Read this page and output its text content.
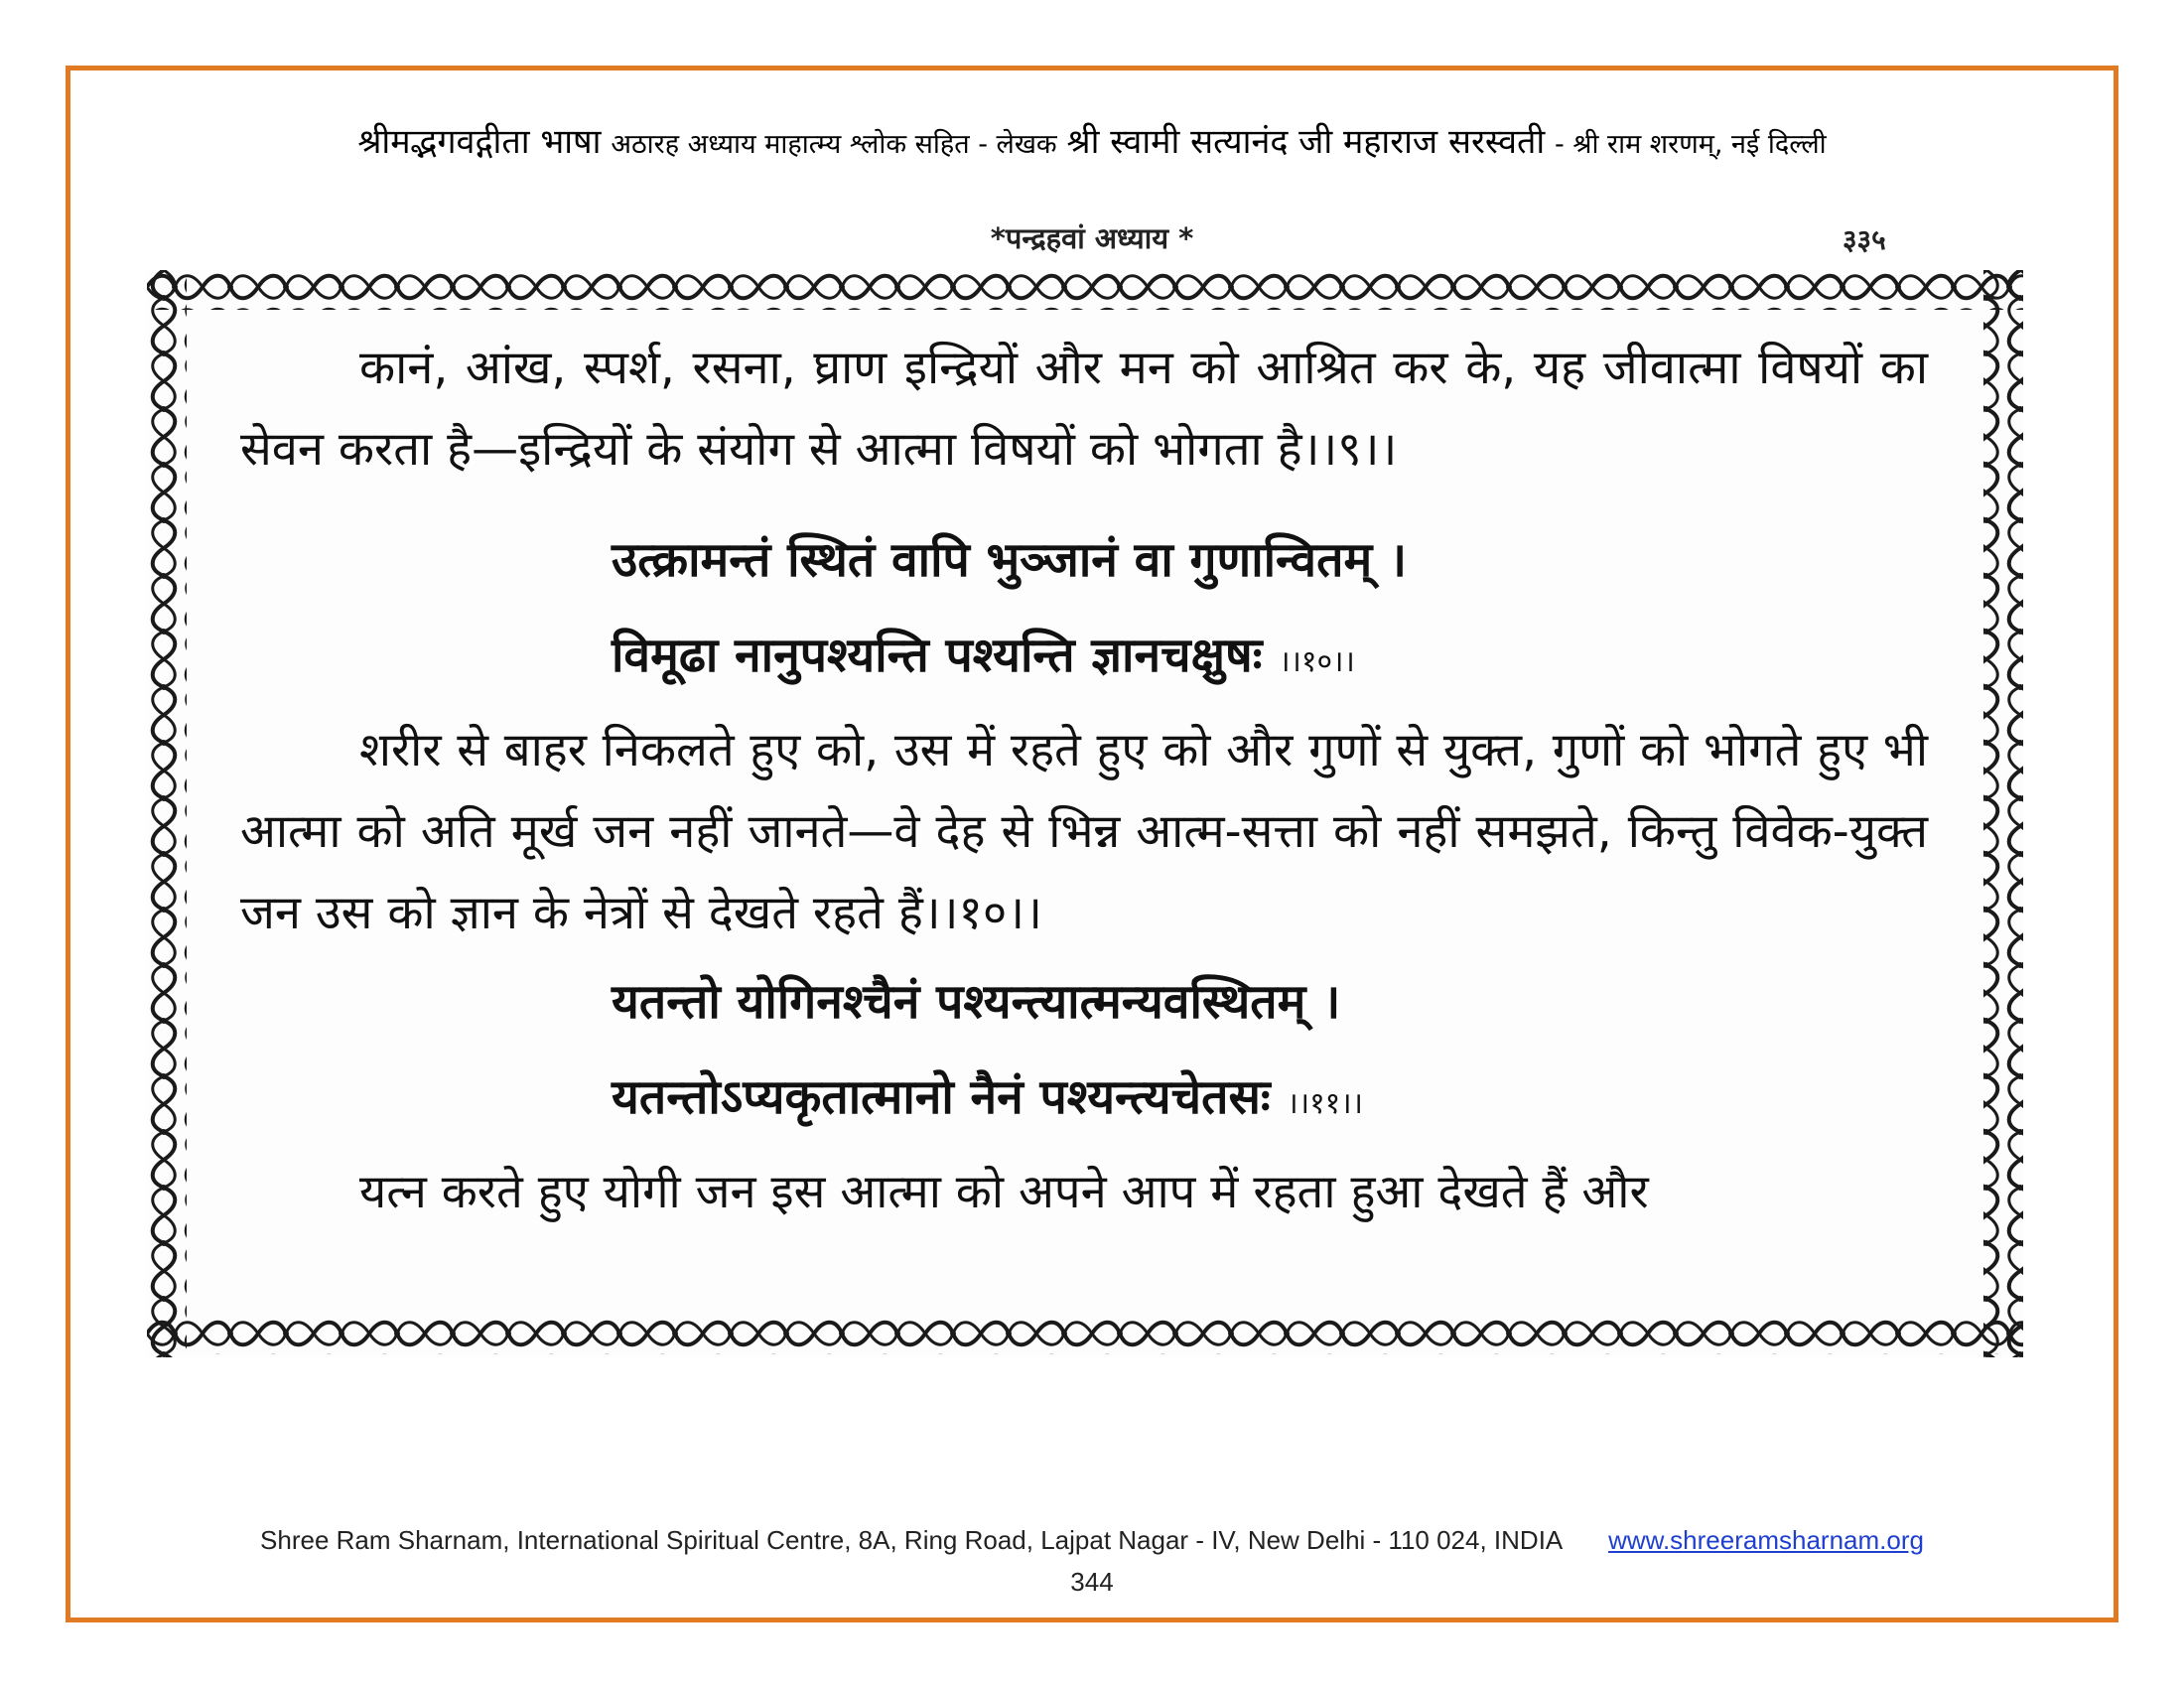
श्रीमद्भगवद्गीता भाषा अठारह अध्याय माहात्म्य श्लोक सहित - लेखक श्री स्वामी सत्यानंद जी महाराज सरस्वती - श्री राम शरणम्, नई दिल्ली
*पन्द्रहवां अध्याय *	३३५

कानं, आंख, स्पर्श, रसना, घ्राण इन्द्रियों और मन को आश्रित कर के, यह जीवात्मा विषयों का सेवन करता है—इन्द्रियों के संयोग से आत्मा विषयों को भोगता है।।९।।

उत्क्रामन्तं स्थितं वापि भुञ्जानं वा गुणान्वितम् ।

विमूढा नानुपश्यन्ति पश्यन्ति ज्ञानचक्षुषः ।।१०।।

शरीर से बाहर निकलते हुए को, उस में रहते हुए को और गुणों से युक्त, गुणों को भोगते हुए भी आत्मा को अति मूर्ख जन नहीं जानते—वे देह से भिन्न आत्म-सत्ता को नहीं समझते, किन्तु विवेक-युक्त जन उस को ज्ञान के नेत्रों से देखते रहते हैं।।१०।।

यतन्तो योगिनश्चैनं पश्यन्त्यात्मन्यवस्थितम् ।

यतन्तोऽप्यकृतात्मानो नैनं पश्यन्त्यचेतसः ।।११।।

यत्न करते हुए योगी जन इस आत्मा को अपने आप में रहता हुआ देखते हैं और

Shree Ram Sharnam, International Spiritual Centre, 8A, Ring Road, Lajpat Nagar - IV, New Delhi - 110 024, INDIA www.shreeramsharnam.org
344
